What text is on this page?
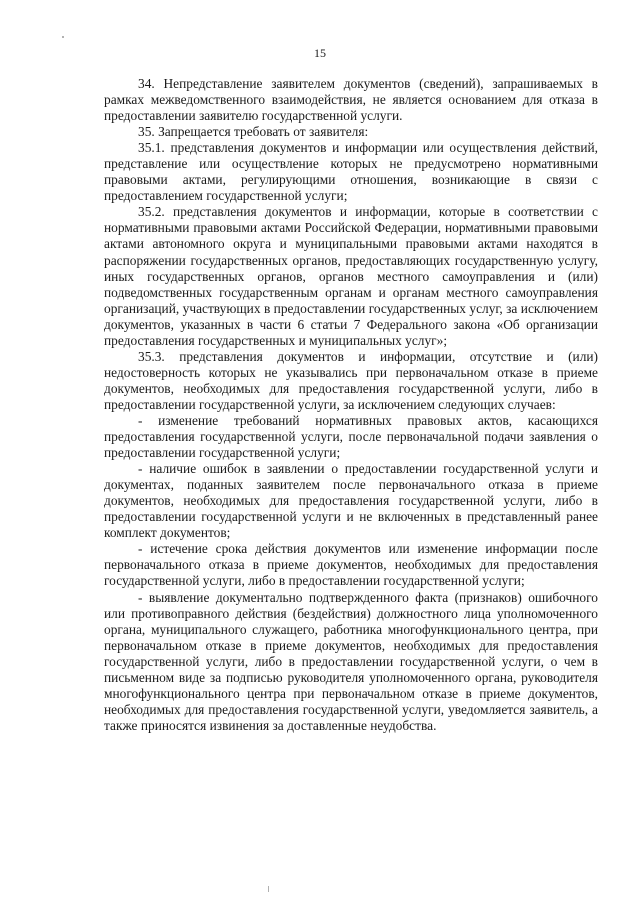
15

34. Непредставление заявителем документов (сведений), запрашиваемых в рамках межведомственного взаимодействия, не является основанием для отказа в предоставлении заявителю государственной услуги.

35. Запрещается требовать от заявителя:

35.1. представления документов и информации или осуществления действий, представление или осуществление которых не предусмотрено нормативными правовыми актами, регулирующими отношения, возникающие в связи с предоставлением государственной услуги;

35.2. представления документов и информации, которые в соответствии с нормативными правовыми актами Российской Федерации, нормативными правовыми актами автономного округа и муниципальными правовыми актами находятся в распоряжении государственных органов, предоставляющих государственную услугу, иных государственных органов, органов местного самоуправления и (или) подведомственных государственным органам и органам местного самоуправления организаций, участвующих в предоставлении государственных услуг, за исключением документов, указанных в части 6 статьи 7 Федерального закона «Об организации предоставления государственных и муниципальных услуг»;

35.3. представления документов и информации, отсутствие и (или) недостоверность которых не указывались при первоначальном отказе в приеме документов, необходимых для предоставления государственной услуги, либо в предоставлении государственной услуги, за исключением следующих случаев:

- изменение требований нормативных правовых актов, касающихся предоставления государственной услуги, после первоначальной подачи заявления о предоставлении государственной услуги;

- наличие ошибок в заявлении о предоставлении государственной услуги и документах, поданных заявителем после первоначального отказа в приеме документов, необходимых для предоставления государственной услуги, либо в предоставлении государственной услуги и не включенных в представленный ранее комплект документов;

- истечение срока действия документов или изменение информации после первоначального отказа в приеме документов, необходимых для предоставления государственной услуги, либо в предоставлении государственной услуги;

- выявление документально подтвержденного факта (признаков) ошибочного или противоправного действия (бездействия) должностного лица уполномоченного органа, муниципального служащего, работника многофункционального центра, при первоначальном отказе в приеме документов, необходимых для предоставления государственной услуги, либо в предоставлении государственной услуги, о чем в письменном виде за подписью руководителя уполномоченного органа, руководителя многофункционального центра при первоначальном отказе в приеме документов, необходимых для предоставления государственной услуги, уведомляется заявитель, а также приносятся извинения за доставленные неудобства.
